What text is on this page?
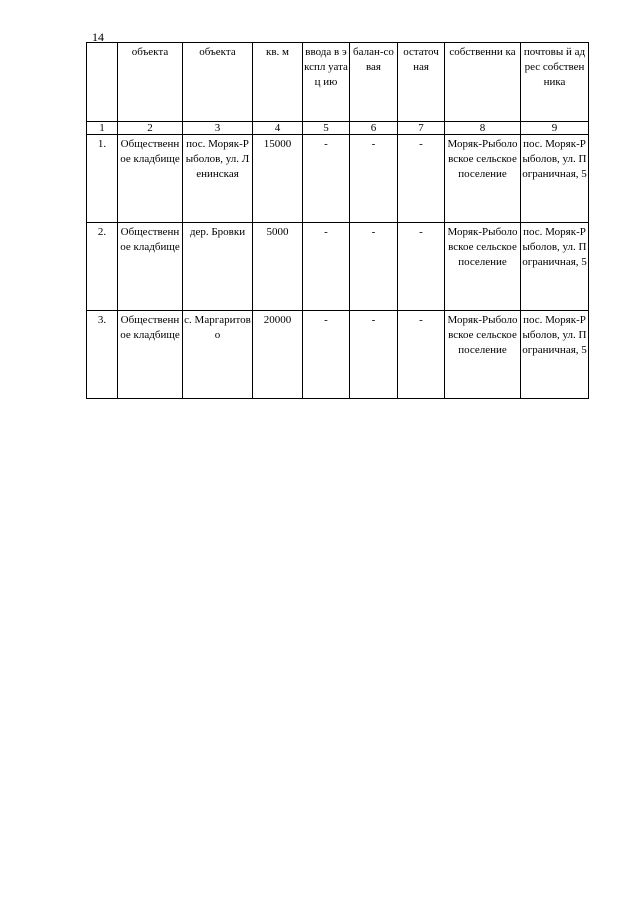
14
	объекта	объекта	кв. м	ввода в экспл уатац ию	балан-совая	остаточ ная	собственни ка	почтовы й адрес собствен ника
1	2	3	4	5	6	7	8	9
1.	Общественное кладбище	пос. Моряк-Рыболов, ул. Ленинская	15000	-	-	-	Моряк-Рыболовское сельское поселение	пос. Моряк-Рыболов, ул. Пограничная, 5
2.	Общественное кладбище	дер. Бровки	5000	-	-	-	Моряк-Рыболовское сельское поселение	пос. Моряк-Рыболов, ул. Пограничная, 5
3.	Общественное кладбище	с. Маргаритово	20000	-	-	-	Моряк-Рыболовское сельское поселение	пос. Моряк-Рыболов, ул. Пограничная, 5
